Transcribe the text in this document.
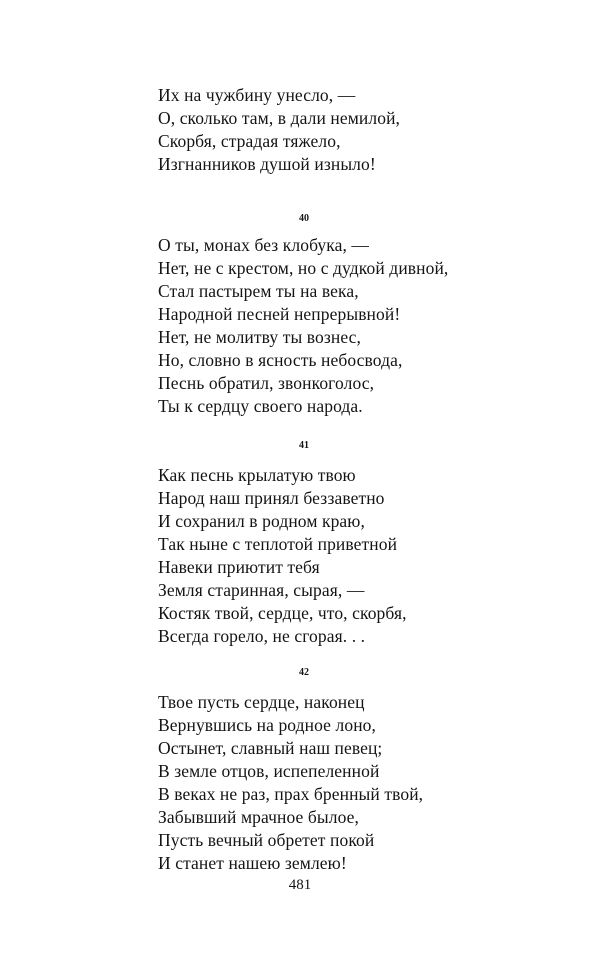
Их на чужбину унесло, —
О, сколько там, в дали немилой,
Скорбя, страдая тяжело,
Изгнанников душой изныло!
40
О ты, монах без клобука, —
Нет, не с крестом, но с дудкой дивной,
Стал пастырем ты на века,
Народной песней непрерывной!
Нет, не молитву ты вознес,
Но, словно в ясность небосвода,
Песнь обратил, звонкоголос,
Ты к сердцу своего народа.
41
Как песнь крылатую твою
Народ наш принял беззаветно
И сохранил в родном краю,
Так ныне с теплотой приветной
Навеки приютит тебя
Земля старинная, сырая, —
Костяк твой, сердце, что, скорбя,
Всегда горело, не сгорая. . .
42
Твое пусть сердце, наконец
Вернувшись на родное лоно,
Остынет, славный наш певец;
В земле отцов, испепеленной
В веках не раз, прах бренный твой,
Забывший мрачное былое,
Пусть вечный обретет покой
И станет нашею землею!
481
